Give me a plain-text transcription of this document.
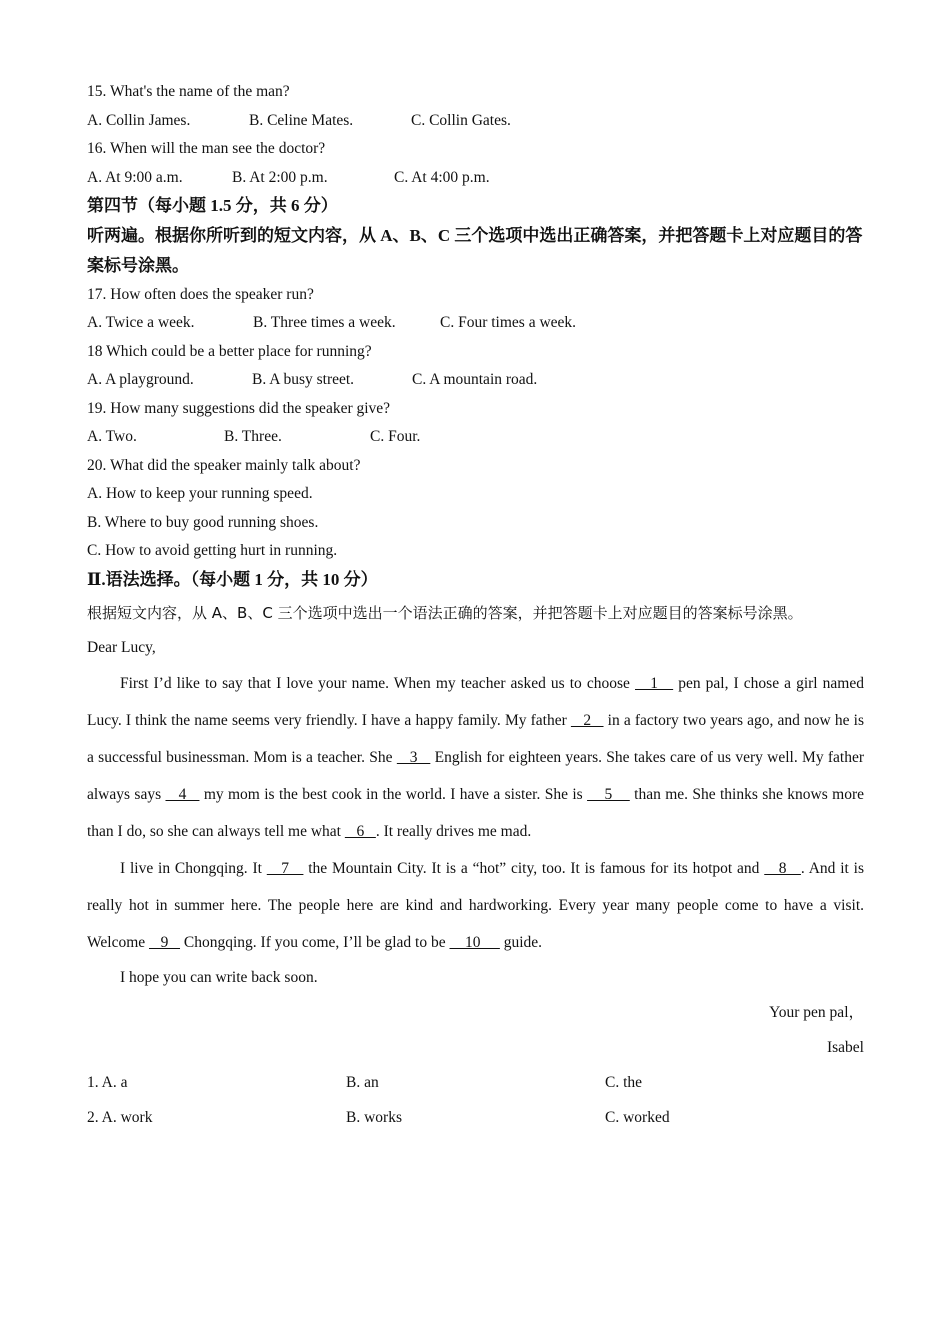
15. What's the name of the man?
A. Collin James.	B. Celine Mates.	C. Collin Gates.
16. When will the man see the doctor?
A. At 9:00 a.m.	B. At 2:00 p.m.	C. At 4:00 p.m.
第四节（每小题 1.5 分，共 6 分）
听两遍。根据你所听到的短文内容，从 A、B、C 三个选项中选出正确答案，并把答题卡上对应题目的答案标号涂黑。
17. How often does the speaker run?
A. Twice a week.	B. Three times a week.	C. Four times a week.
18 Which could be a better place for running?
A. A playground.	B. A busy street.	C. A mountain road.
19. How many suggestions did the speaker give?
A. Two.	B. Three.	C. Four.
20. What did the speaker mainly talk about?
A. How to keep your running speed.
B. Where to buy good running shoes.
C. How to avoid getting hurt in running.
Ⅱ.语法选择。（每小题 1 分，共 10 分）
根据短文内容，从 A、B、C 三个选项中选出一个语法正确的答案，并把答题卡上对应题目的答案标号涂黑。
Dear Lucy,

First I’d like to say that I love your name. When my teacher asked us to choose    1    pen pal, I chose a girl named Lucy. I think the name seems very friendly. I have a happy family. My father    2    in a factory two years ago, and now he is a successful businessman. Mom is a teacher. She    3    English for eighteen years. She takes care of us very well. My father always says    4    my mom is the best cook in the world. I have a sister. She is     5     than me. She thinks she knows more than I do, so she can always tell me what    6   . It really drives me mad.

I live in Chongqing. It    7    the Mountain City. It is a “hot” city, too. It is famous for its hotpot and    8   . And it is really hot in summer here. The people here are kind and hardworking. Every year many people come to have a visit. Welcome    9    Chongqing. If you come, I’ll be glad to be     10      guide.

I hope you can write back soon.

Your pen pal，
Isabel
1. A. a	B. an	C. the
2. A. work	B. works	C. worked
